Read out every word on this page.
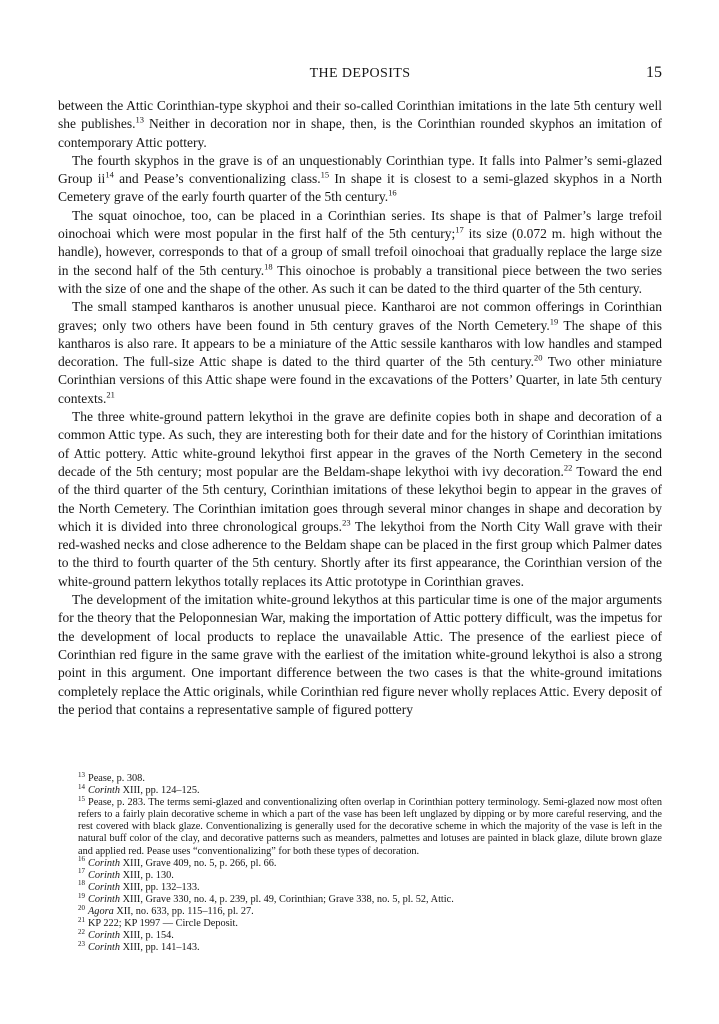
THE DEPOSITS	15

between the Attic Corinthian-type skyphoi and their so-called Corinthian imitations in the late 5th century well she publishes.$^{13}$ Neither in decoration nor in shape, then, is the Corinthian rounded skyphos an imitation of contemporary Attic pottery.

The fourth skyphos in the grave is of an unquestionably Corinthian type. It falls into Palmer’s semi-glazed Group ii$^{14}$ and Pease’s conventionalizing class.$^{15}$ In shape it is closest to a semi-glazed skyphos in a North Cemetery grave of the early fourth quarter of the 5th century.$^{16}$

The squat oinochoe, too, can be placed in a Corinthian series. Its shape is that of Palmer’s large trefoil oinochoai which were most popular in the first half of the 5th century;$^{17}$ its size (0.072 m. high without the handle), however, corresponds to that of a group of small trefoil oinochoai that gradually replace the large size in the second half of the 5th century.$^{18}$ This oinochoe is probably a transitional piece between the two series with the size of one and the shape of the other. As such it can be dated to the third quarter of the 5th century.

The small stamped kantharos is another unusual piece. Kantharoi are not common offerings in Corinthian graves; only two others have been found in 5th century graves of the North Cemetery.$^{19}$ The shape of this kantharos is also rare. It appears to be a miniature of the Attic sessile kantharos with low handles and stamped decoration. The full-size Attic shape is dated to the third quarter of the 5th century.$^{20}$ Two other miniature Corinthian versions of this Attic shape were found in the excavations of the Potters’ Quarter, in late 5th century contexts.$^{21}$

The three white-ground pattern lekythoi in the grave are definite copies both in shape and decoration of a common Attic type. As such, they are interesting both for their date and for the history of Corinthian imitations of Attic pottery. Attic white-ground lekythoi first appear in the graves of the North Cemetery in the second decade of the 5th century; most popular are the Beldam-shape lekythoi with ivy decoration.$^{22}$ Toward the end of the third quarter of the 5th century, Corinthian imitations of these lekythoi begin to appear in the graves of the North Cemetery. The Corinthian imitation goes through several minor changes in shape and decoration by which it is divided into three chronological groups.$^{23}$ The lekythoi from the North City Wall grave with their red-washed necks and close adherence to the Beldam shape can be placed in the first group which Palmer dates to the third to fourth quarter of the 5th century. Shortly after its first appearance, the Corinthian version of the white-ground pattern lekythos totally replaces its Attic prototype in Corinthian graves.

The development of the imitation white-ground lekythos at this particular time is one of the major arguments for the theory that the Peloponnesian War, making the importation of Attic pottery difficult, was the impetus for the development of local products to replace the unavailable Attic. The presence of the earliest piece of Corinthian red figure in the same grave with the earliest of the imitation white-ground lekythoi is also a strong point in this argument. One important difference between the two cases is that the white-ground imitations completely replace the Attic originals, while Corinthian red figure never wholly replaces Attic. Every deposit of the period that contains a representative sample of figured pottery

$^{13}$ Pease, p. 308.

$^{14}$ Corinth XIII, pp. 124–125.

$^{15}$ Pease, p. 283. The terms semi-glazed and conventionalizing often overlap in Corinthian pottery terminology. Semi-glazed now most often refers to a fairly plain decorative scheme in which a part of the vase has been left unglazed by dipping or by more careful reserving, and the rest covered with black glaze. Conventionalizing is generally used for the decorative scheme in which the majority of the vase is left in the natural buff color of the clay, and decorative patterns such as meanders, palmettes and lotuses are painted in black glaze, dilute brown glaze and applied red. Pease uses “conventionalizing” for both these types of decoration.

$^{16}$ Corinth XIII, Grave 409, no. 5, p. 266, pl. 66.

$^{17}$ Corinth XIII, p. 130.

$^{18}$ Corinth XIII, pp. 132–133.

$^{19}$ Corinth XIII, Grave 330, no. 4, p. 239, pl. 49, Corinthian; Grave 338, no. 5, pl. 52, Attic.

$^{20}$ Agora XII, no. 633, pp. 115–116, pl. 27.

$^{21}$ KP 222; KP 1997 — Circle Deposit.

$^{22}$ Corinth XIII, p. 154.

$^{23}$ Corinth XIII, pp. 141–143.
